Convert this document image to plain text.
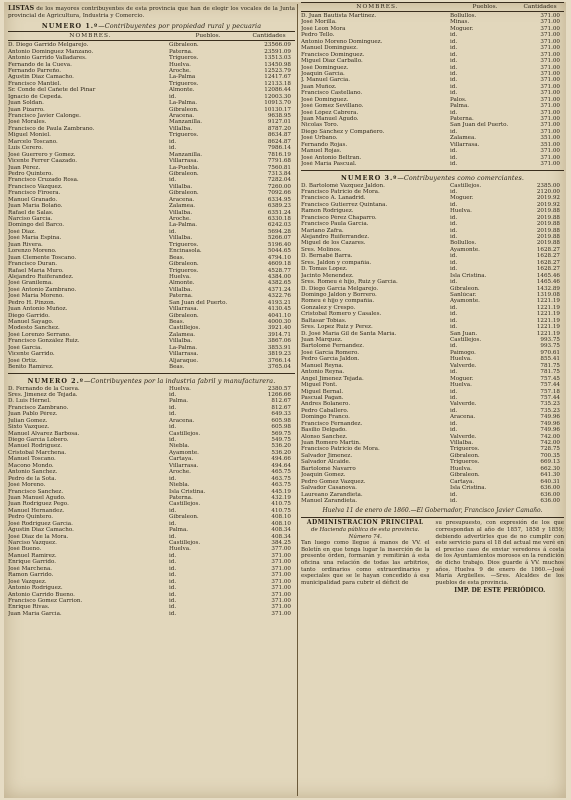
LISTAS de los mayores contribuyentes de esta provincia que han de elegir los vocales de la Junta provincial de Agricultura, Industria y Comercio.
NUMERO 1.º—Contribuyentes por propiedad rural y pecuaria
NOMBRES.	Pueblos.	Cantidades
D. Diego Garrido Melgarejo.	Gibraleon.	23566.09
Antonio Dominguez Manzano.	Paterna.	23591.09
Antonio Garrido Valladares.	Trigueros.	13513.03
Fernando de la Cueva.	Huelva.	13450.98
Fernando Parreño.	Aroche.	12523.79
Agustin Diaz Camacho.	La-Palma	12417.67
Francisco Mantiel.	Trigueros.	12133.18
Sr. Conde del Cañete del Pinar	Almonte.	12086.44
Ignacio de Cepeda.	id.	12003.30
Juan Soldan.	La-Palma.	10913.70
Juan Pizarro.	Gibraleon.	10130.17
Francisco Javier Calonge.	Aracena.	9638.95
José Morales.	Manzanilla.	9127.01
Francisco de Paula Zambrano.	Villalba.	8787.20
Miguel Moniel.	Trigueros.	8634.87
Marcelo Toscano.	id.	8624.87
Luis Cerero.	id.	7986.14
José Guerrero y Gomez.	Manzanilla.	7816.19
Vicente Ferrer Caazado.	Villarrasa.	7791.68
Juan Pérez.	La-Puebla.	7560.81
Pedro Quintero.	Gibraleon.	7313.84
Francisco Cruzado Rosa.	id.	7282.04
Francisco Vázquez.	Villalba.	7260.00
Francisco Firoera.	Gibraleon.	7092.66
Manuel Granado.	Aracena.	6334.95
Juan María Bolaño.	Zalamea.	6389.23
Rafael de Salas.	Villalba.	6351.24
Narciso García.	Aroche.	6330.18
Domingo del Barco.	La-Palma.	6242.03
José Diaz.	id.	5694.28
José María Espina.	Villalba.	5266.07
Juan Rivera.	Trigueros.	5196.40
Lorenzo Moreno.	Encinasola.	5044.65
Juan Clemente Toscano.	Beas.	4794.10
Francisco Duran.	Gibraleon.	4609.18
Rafael María Muro.	Trigueros.	4528.77
Alejandro Ruiferandez.	Huelva.	4384.00
José Granilema.	Almonte.	4382.65
José Antonio Zambrano.	Villalba.	4371.24
José María Moreno.	Paterna.	4322.76
Pedro H. Pinzon.	San Juan del Puerto.	4193.21
Juan Antonio Muñoz.	Villarrasa.	4130.45
Diego Garrido.	Gibraleon.	4041.10
Manuel Sayago.	Beas.	4000.30
Modesto Sanchez.	Castillejos.	3921.40
José Lorenzo Serrano.	Zalamea.	3914.71
Francisco González Ruiz.	Villalba.	3867.06
José García.	La-Palma.	3853.91
Vicente Garrido.	Villarrasa.	3819.23
José Ortiz.	Aljaraque.	3766.14
Benito Ramírez.	Beas.	3765.04
NUMERO 2.º—Contribuyentes por la industria fabril y manufacturera.
D. Fernando de la Cueva.	Huelva.	2380.57
Sres. Jimenez de Tejada.	id.	1266.66
D. Luis Hérnel.	Palma.	812.67
Francisco Zambrano.	id.	812.67
Juan Pablo Pérez.	id.	649.33
Julian Gomez.	Aracena.	605.98
Sixto Vazquez.	id.	605.98
Manuel Alvarez Barbosa.	Castillejos.	569.75
Diego García Lobero.	id.	549.75
Manuel Rodriguez.	Niebla.	536.20
Cristobal Marchena.	Ayamonte.	536.20
Manuel Toscano.	Cartaya.	494.66
Macono Mondo.	Villarrasa.	494.64
Antonio Sanchez.	Aroche.	465.75
Pedro de la Sota.	id.	463.75
José Moreno.	Niebla.	463.75
Francisco Sanchez.	Isla Cristina.	445.19
Juan Manuel Agudo.	Paterna.	432.19
Juan Rodriguez Pego.	Castillejos.	410.75
Manuel Hernandez.	id.	410.75
Pedro Quintero.	Gibraleon.	408.10
José Rodriguez García.	id.	408.10
Agustin Diaz Camacho.	Palma.	408.34
José Diaz de la Mora.	id.	408.34
Narciso Vazquez.	Castillejos.	384.25
José Bueno.	Huelva.	377.00
Manuel Ramirez.	id.	371.00
Enrique Garrido.	id.	371.00
José Marchena.	id.	371.00
Ramon Garrido.	id.	371.00
José Vazquez.	id.	371.00
Antonio Rodriguez.	id.	371.00
Antonio Carrido Bueno.	id.	371.00
Francisco Gomez Carrion.	id.	371.00
Enrique Rivas.	id.	371.00
Juan María García.	id.	371.00
NOMBRES.	Pueblos.	Cantidades
D. Juan Bautista Martinez.	Bollullos.	371.00
José Morilla.	Minas.	371.00
José Leon Mora	Moguer.	371.00
Pedro Tello.	id.	371.00
Antonio Moreno Dominguez.	id.	371.00
Manuel Dominguez.	id.	371.00
Francisco Dominguez.	id.	371.00
Miguel Diaz Carballo.	id.	371.00
José Dominguez.	id.	371.00
Joaquin García.	id.	371.00
J. Manuel García.	id.	371.00
Juan Muñoz.	id.	371.00
Francisco Castellano.	id.	371.00
José Dominguez.	Palos.	371.00
José Gomez Sevillano.	Palma.	371.00
José López Cabrera.	id.	371.00
Juan Manuel Agudo.	Paterna.	371.00
Nicolas Toro.	San Juan del Puerto.	371.00
Diego Sánchez y Compañero.	id.	371.00
José Urbano.	Zalamea.	351.00
Fernando Rojas.	Villarrasa.	351.00
Manuel Rojas.	id.	371.00
José Antonio Beltran.	id.	371.00
José María Pascual.	id.	371.00
NUMERO 3.º—Contribuyentes como comerciantes.
D. Bartolomé Vazquez Jaldon.	Castillejos.	2385.00
Francisco Patricio de Mora.	id.	2120.00
Francisco A. Lanadrid.	Moguer.	2019.92
Francisco Gutierrez Quintana.	id.	2019.92
Ramon Rodriguez.	Huelva.	2019.88
Francisco Pérez Chaparro.	id.	2019.88
Francisco Paula García.	id.	2019.88
Mariano Zafra.	id.	2019.88
Alejandro Ruiferrandez.	id.	2019.88
Miguel de los Cazares.	Bollullos.	2019.88
Sres. Molinos.	Ayamonte.	1628.27
D. Bernabé Barra.	id.	1628.27
Sres. Jaldon y compañía.	id.	1628.27
D. Tomas Lopez.	id.	1628.27
Jacinto Menendez.	Isla Cristina.	1465.46
Sres. Romeu é hijo, Ruiz y García.	id.	1465.46
D. Diego García Melgarejo.	Gibraleon.	1432.89
Domingo Jaldon y Borrero.	Sanlúcar.	1319.08
Romeu é hijo y compañía.	Ayamonte.	1221.19
Gonzalez y Crespo.	id.	1221.19
Cristobal Romero y Casales.	id.	1221.19
Baltasar Tobías.	id.	1221.19
Sres. Lopez Ruiz y Perez.	id.	1221.19
D. José María Gil de Santa María.	San Juan.	1221.19
Juan Márquez.	Castillejos.	993.75
Bartolomé Fernandez.	id.	993.75
José García Romero.	Paimogo.	970.61
Pedro García Jaldon.	Huelva.	855.41
Manuel Reyna.	Valverde.	781.75
Antonio Reyna.	id.	781.75
Angel Jimenez Tejada.	Moguer.	757.45
Miguel Font.	Huelva.	757.44
Miguel Bernal.	id.	757.18
Pascual Pagan.	id.	757.44
Andres Bolanero.	Valverde.	735.23
Pedro Caballero.	id.	735.23
Domingo Franco.	Aracena.	749.96
Francisco Fernandez.	id.	749.96
Basilio Delgado.	id.	749.96
Alonso Sanchez.	Valverde.	742.00
Juan Romero Martin.	Villalba.	742.00
Francisco Patricio de Mora.	Trigueros.	728.75
Salvador Jimenez.	Gibraleon.	700.35
Salvador Alcaide.	Trigueros.	669.13
Bartolomé Navarro	Huelva.	662.30
Joaquin Gomez.	Gibraleon.	641.30
Pedro Gomez Vazquez.	Cartaya.	640.31
Salvador Casanova.	Isla Cristina.	636.00
Laureano Zarandieta.	id.	636.00
Manuel Zarandieta.	id.	636.00
Huelva 11 de enero de 1860.—El Gobernador, Francisco Javier Camaño.
ADMINISTRACION PRINCIPAL
de Hacienda pública de esta provincia.
Número 74.
Tan luego como llegue á manos de VV. el Boletín en que tenga lugar la inserción de la presente órden, formarán y remitirán á esta oficina una relación de todas las arbitrios, tanto ordinarios como extraordinarios y especiales que se le hayan concedido á esa municipalidad para cubrir el déficit de
su presupuesto, con expresión de los que correspondan al año de 1857, 1858 y 1859; debiendo advertirles que de no cumplir con este servicio para el 18 del actual me veré en el preciso caso de enviar veredores á costa de los Ayuntamientos morosos en la rendición de dicho trabajo. Dios guarde á VV. muchos años. Huelva 9 de enero de 1860.—José María Argüelles. —Sres. Alcaldes de los pueblos de esta provincia.
IMP. DE ESTE PERIÓDICO.
